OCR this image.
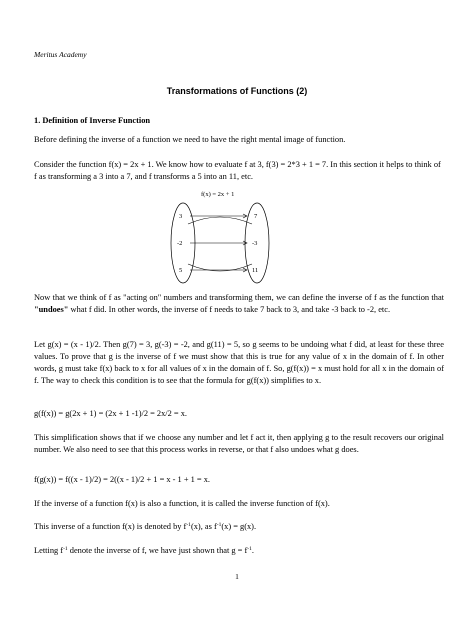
Meritus Academy
Transformations of Functions (2)
1. Definition of Inverse Function

Before defining the inverse of a function we need to have the right mental image of function.

Consider the function f(x) = 2x + 1. We know how to evaluate f at 3, f(3) = 2*3 + 1 = 7. In this section it helps to think of f as transforming a 3 into a 7, and f transforms a 5 into an 11, etc.

f(x) = 2x + 1
3
-2
5
7
-3
11

Now that we think of f as "acting on" numbers and transforming them, we can define the inverse of f as the function that "undoes" what f did. In other words, the inverse of f needs to take 7 back to 3, and take -3 back to -2, etc.

Let g(x) = (x - 1)/2. Then g(7) = 3, g(-3) = -2, and g(11) = 5, so g seems to be undoing what f did, at least for these three values. To prove that g is the inverse of f we must show that this is true for any value of x in the domain of f. In other words, g must take f(x) back to x for all values of x in the domain of f. So, g(f(x)) = x must hold for all x in the domain of f. The way to check this condition is to see that the formula for g(f(x)) simplifies to x.

g(f(x)) = g(2x + 1) = (2x + 1 -1)/2 = 2x/2 = x.

This simplification shows that if we choose any number and let f act it, then applying g to the result recovers our original number. We also need to see that this process works in reverse, or that f also undoes what g does.

f(g(x)) = f((x - 1)/2) = 2((x - 1)/2 + 1 = x - 1 + 1 = x.

If the inverse of a function f(x) is also a function, it is called the inverse function of f(x).

This inverse of a function f(x) is denoted by $f^{-1}(x)$, as $f^{-1}(x) = g(x)$.

Letting $f^{-1}$ denote the inverse of f, we have just shown that $g = f^{-1}$.

1
